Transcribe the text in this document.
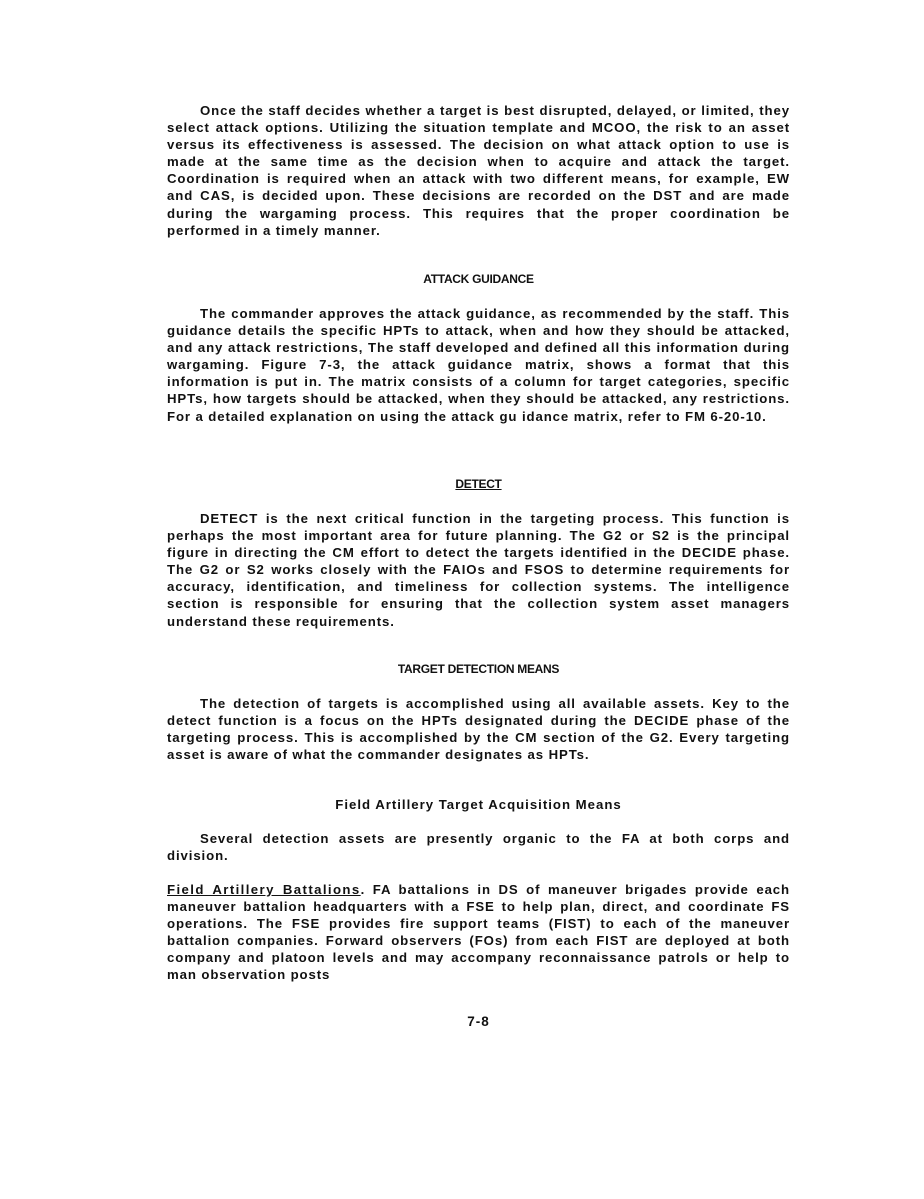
Once the staff decides whether a target is best disrupted, delayed, or limited, they select attack options. Utilizing the situation template and MCOO, the risk to an asset versus its effectiveness is assessed. The decision on what attack option to use is made at the same time as the decision when to acquire and attack the target. Coordination is required when an attack with two different means, for example, EW and CAS, is decided upon. These decisions are recorded on the DST and are made during the wargaming process. This requires that the proper coordination be performed in a timely manner.

ATTACK GUIDANCE

The commander approves the attack guidance, as recommended by the staff. This guidance details the specific HPTs to attack, when and how they should be attacked, and any attack restrictions, The staff developed and defined all this information during wargaming. Figure 7-3, the attack guidance matrix, shows a format that this information is put in. The matrix consists of a column for target categories, specific HPTs, how targets should be attacked, when they should be attacked, any restrictions. For a detailed explanation on using the attack gu idance matrix, refer to FM 6-20-10.

DETECT

DETECT is the next critical function in the targeting process. This function is perhaps the most important area for future planning. The G2 or S2 is the principal figure in directing the CM effort to detect the targets identified in the DECIDE phase. The G2 or S2 works closely with the FAIOs and FSOS to determine requirements for accuracy, identification, and timeliness for collection systems. The intelligence section is responsible for ensuring that the collection system asset managers understand these requirements.

TARGET DETECTION MEANS

The detection of targets is accomplished using all available assets. Key to the detect function is a focus on the HPTs designated during the DECIDE phase of the targeting process. This is accomplished by the CM section of the G2. Every targeting asset is aware of what the commander designates as HPTs.

Field Artillery Target Acquisition Means

Several detection assets are presently organic to the FA at both corps and division.

Field Artillery Battalions. FA battalions in DS of maneuver brigades provide each maneuver battalion headquarters with a FSE to help plan, direct, and coordinate FS operations. The FSE provides fire support teams (FIST) to each of the maneuver battalion companies. Forward observers (FOs) from each FIST are deployed at both company and platoon levels and may accompany reconnaissance patrols or help to man observation posts

7-8
